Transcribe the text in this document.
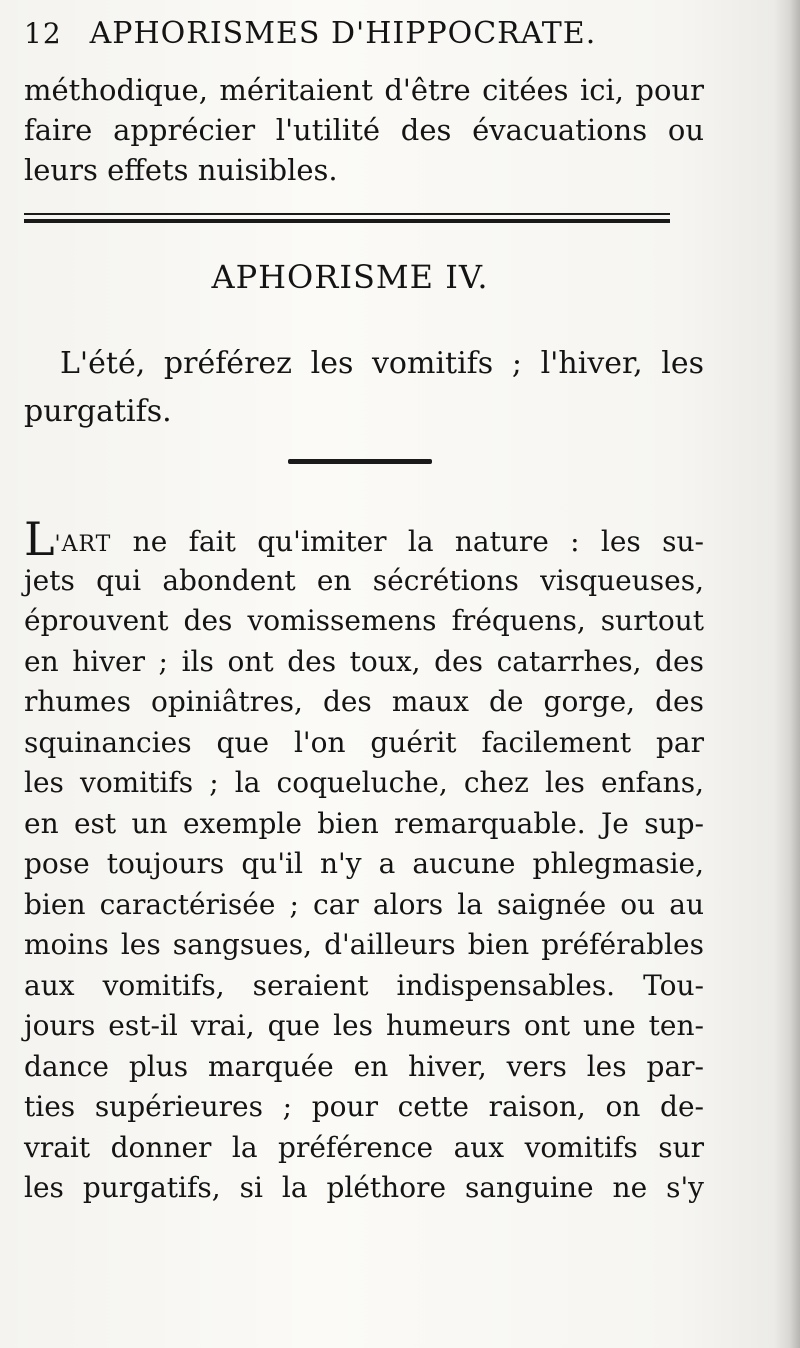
12 APHORISMES D'HIPPOCRATE.
méthodique, méritaient d'être citées ici, pour
faire apprécier l'utilité des évacuations ou
leurs effets nuisibles.
APHORISME IV.
L'été, préférez les vomitifs ; l'hiver, les
purgatifs.
L'ART ne fait qu'imiter la nature : les su-
jets qui abondent en sécrétions visqueuses,
éprouvent des vomissemens fréquens, surtout
en hiver ; ils ont des toux, des catarrhes, des
rhumes opiniâtres, des maux de gorge, des
squinancies que l'on guérit facilement par
les vomitifs ; la coqueluche, chez les enfans,
en est un exemple bien remarquable. Je sup-
pose toujours qu'il n'y a aucune phlegmasie,
bien caractérisée ; car alors la saignée ou au
moins les sangsues, d'ailleurs bien préférables
aux vomitifs, seraient indispensables. Tou-
jours est-il vrai, que les humeurs ont une ten-
dance plus marquée en hiver, vers les par-
ties supérieures ; pour cette raison, on de-
vrait donner la préférence aux vomitifs sur
les purgatifs, si la pléthore sanguine ne s'y
